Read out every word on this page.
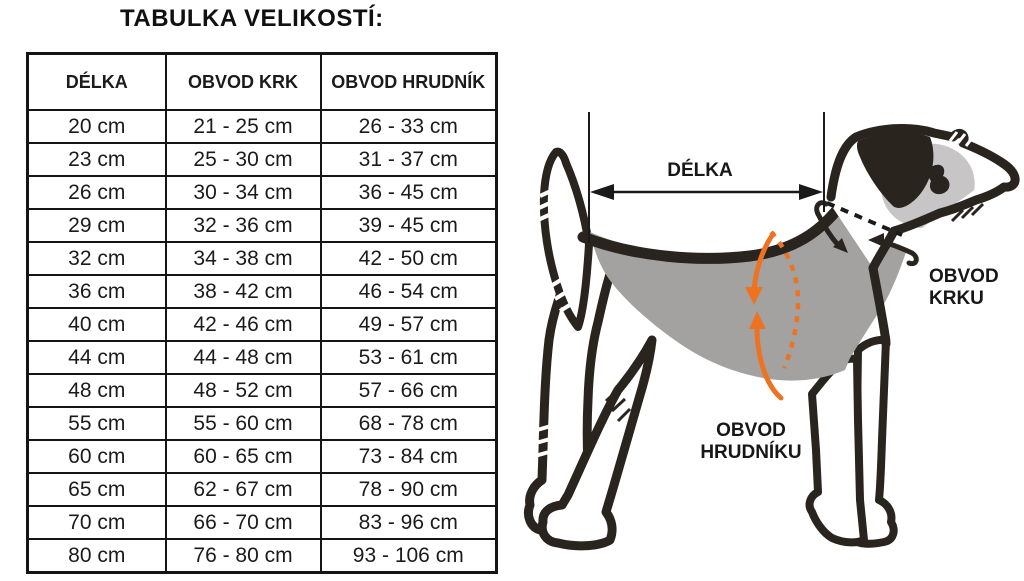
TABULKA VELIKOSTÍ:
DÉLKA	OBVOD KRK	OBVOD HRUDNÍK
20 cm	21 - 25 cm	26 - 33 cm
23 cm	25 - 30 cm	31 - 37 cm
26 cm	30 - 34 cm	36 - 45 cm
29 cm	32 - 36 cm	39 - 45 cm
32 cm	34 - 38 cm	42 - 50 cm
36 cm	38 - 42 cm	46 - 54 cm
40 cm	42 - 46 cm	49 - 57 cm
44 cm	44 - 48 cm	53 - 61 cm
48 cm	48 - 52 cm	57 - 66 cm
55 cm	55 - 60 cm	68 - 78 cm
60 cm	60 - 65 cm	73 - 84 cm
65 cm	62 - 67 cm	78 - 90 cm
70 cm	66 - 70 cm	83 - 96 cm
80 cm	76 - 80 cm	93 - 106 cm
DÉLKA
OBVOD
KRKU
OBVOD
HRUDNÍKU
